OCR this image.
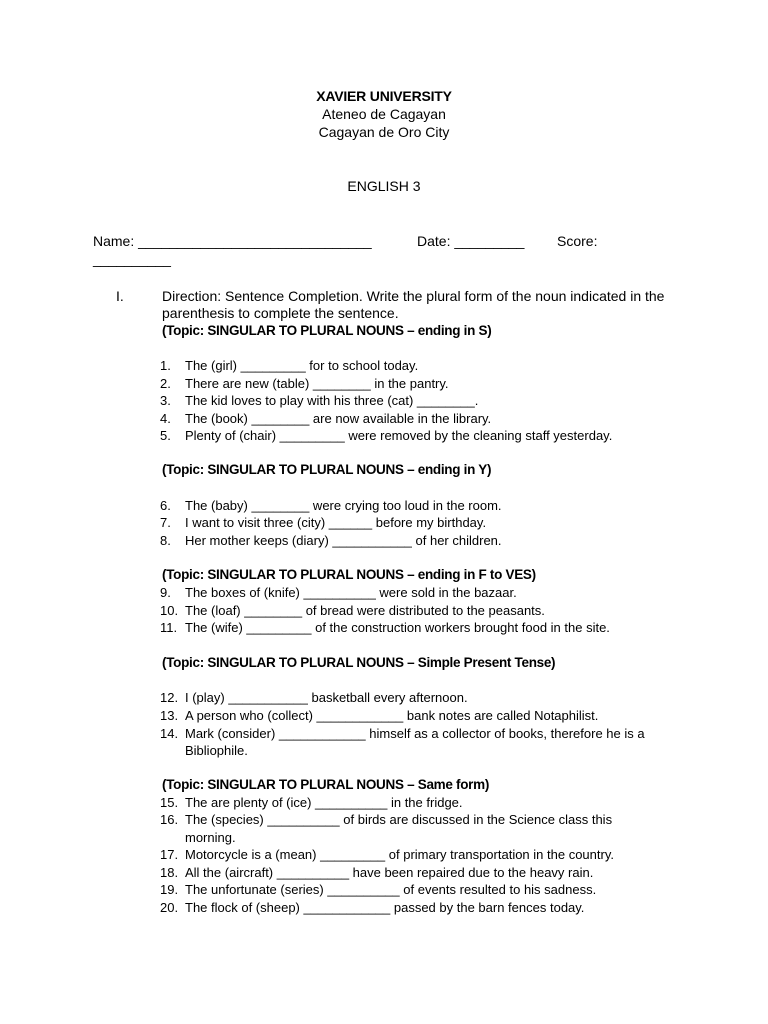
XAVIER UNIVERSITY
Ateneo de Cagayan
Cagayan de Oro City
ENGLISH 3
Name: ______________________________	Date: _________ Score:
__________
I.	Direction: Sentence Completion. Write the plural form of the noun indicated in the
parenthesis to complete the sentence.
(Topic: SINGULAR TO PLURAL NOUNS – ending in S)
(Topic: SINGULAR TO PLURAL NOUNS – ending in Y)
(Topic: SINGULAR TO PLURAL NOUNS – ending in F to VES)
(Topic: SINGULAR TO PLURAL NOUNS – Simple Present Tense)
(Topic: SINGULAR TO PLURAL NOUNS – Same form)
1. The (girl) _________ for to school today.
2. There are new (table) ________ in the pantry.
3. The kid loves to play with his three (cat) ________.
4. The (book) ________ are now available in the library.
5. Plenty of (chair) _________ were removed by the cleaning staff yesterday.
6. The (baby) ________ were crying too loud in the room.
7. I want to visit three (city) ______ before my birthday.
8. Her mother keeps (diary) ___________ of her children.
9. The boxes of (knife) __________ were sold in the bazaar.
10. The (loaf) ________ of bread were distributed to the peasants.
11. The (wife) _________ of the construction workers brought food in the site.
12. I (play) ___________ basketball every afternoon.
13. A person who (collect) ____________ bank notes are called Notaphilist.
14. Mark (consider) ____________ himself as a collector of books, therefore he is a
Bibliophile.
15. The are plenty of (ice) __________ in the fridge.
16. The (species) __________ of birds are discussed in the Science class this
morning.
17. Motorcycle is a (mean) _________ of primary transportation in the country.
18. All the (aircraft) __________ have been repaired due to the heavy rain.
19. The unfortunate (series) __________ of events resulted to his sadness.
20. The flock of (sheep) ____________ passed by the barn fences today.
